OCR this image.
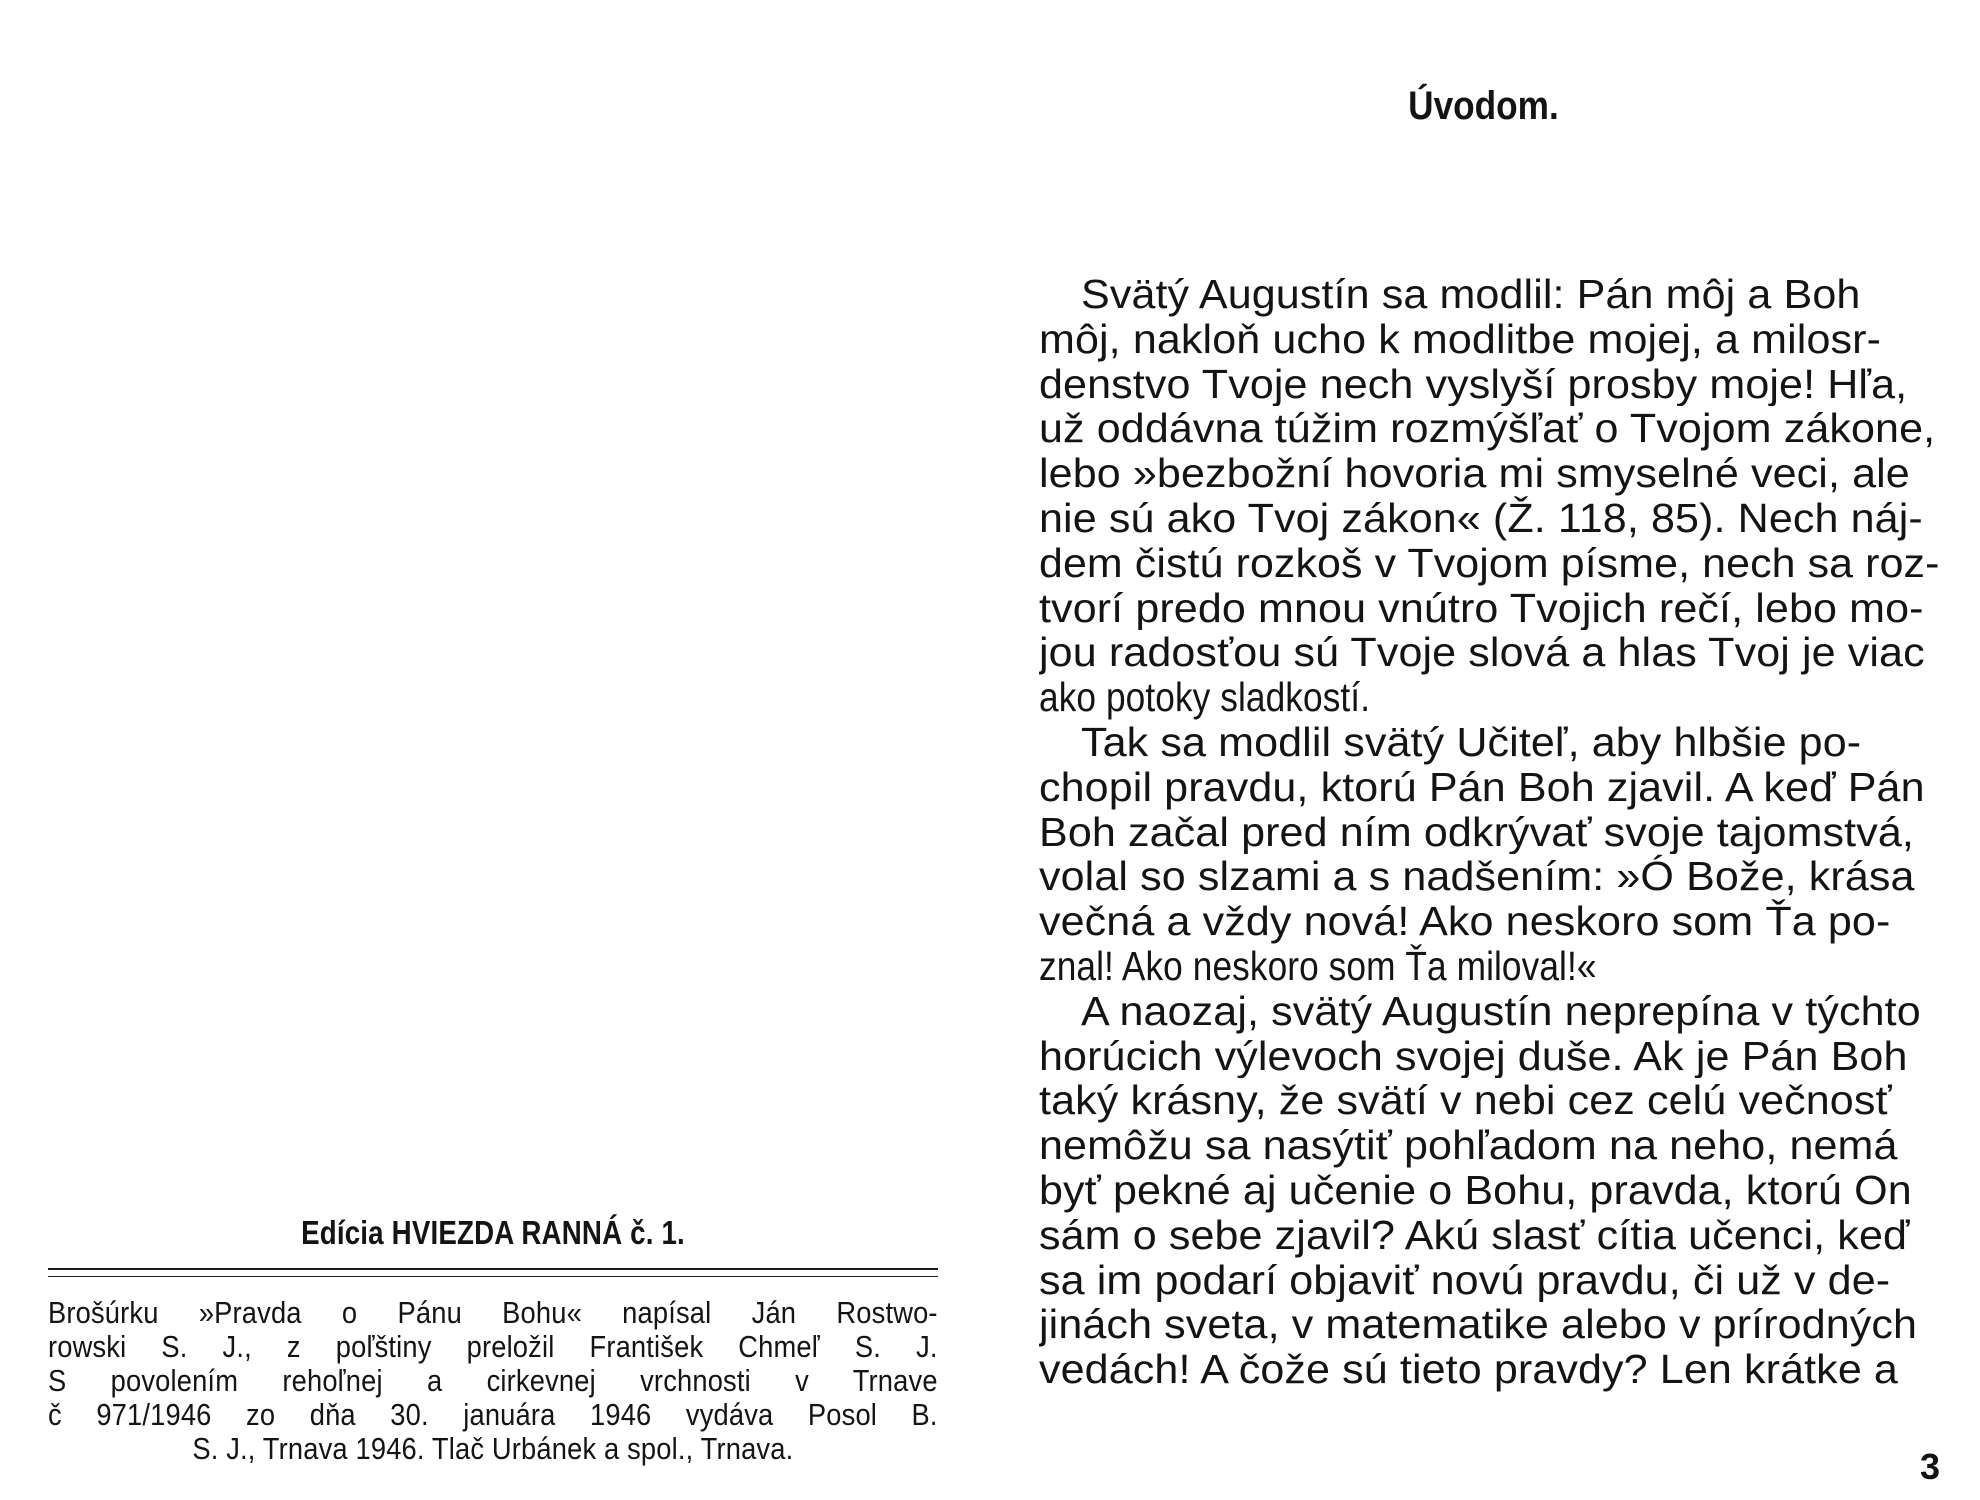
Edícia HVIEZDA RANNÁ č. 1.
Brošúrku »Pravda o Pánu Bohu« napísal Ján Rostwo-
rowski S. J., z poľštiny preložil František Chmeľ S. J.
S povolením rehoľnej a cirkevnej vrchnosti v Trnave
č 971/1946 zo dňa 30. januára 1946 vydáva Posol B.
S. J., Trnava 1946. Tlač Urbánek a spol., Trnava.
Úvodom.
Svätý Augustín sa modlil: Pán môj a Boh
môj, nakloň ucho k modlitbe mojej, a milosr-
denstvo Tvoje nech vyslyší prosby moje! Hľa,
už oddávna túžim rozmýšľať o Tvojom zákone,
lebo »bezbožní hovoria mi smyselné veci, ale
nie sú ako Tvoj zákon« (Ž. 118, 85). Nech náj-
dem čistú rozkoš v Tvojom písme, nech sa roz-
tvorí predo mnou vnútro Tvojich rečí, lebo mo-
jou radosťou sú Tvoje slová a hlas Tvoj je viac
ako potoky sladkostí.
Tak sa modlil svätý Učiteľ, aby hlbšie po-
chopil pravdu, ktorú Pán Boh zjavil. A keď Pán
Boh začal pred ním odkrývať svoje tajomstvá,
volal so slzami a s nadšením: »Ó Bože, krása
večná a vždy nová! Ako neskoro som Ťa po-
znal! Ako neskoro som Ťa miloval!«
A naozaj, svätý Augustín neprepína v týchto
horúcich výlevoch svojej duše. Ak je Pán Boh
taký krásny, že svätí v nebi cez celú večnosť
nemôžu sa nasýtiť pohľadom na neho, nemá
byť pekné aj učenie o Bohu, pravda, ktorú On
sám o sebe zjavil? Akú slasť cítia učenci, keď
sa im podarí objaviť novú pravdu, či už v de-
jinách sveta, v matematike alebo v prírodných
vedách! A čože sú tieto pravdy? Len krátke a
3
